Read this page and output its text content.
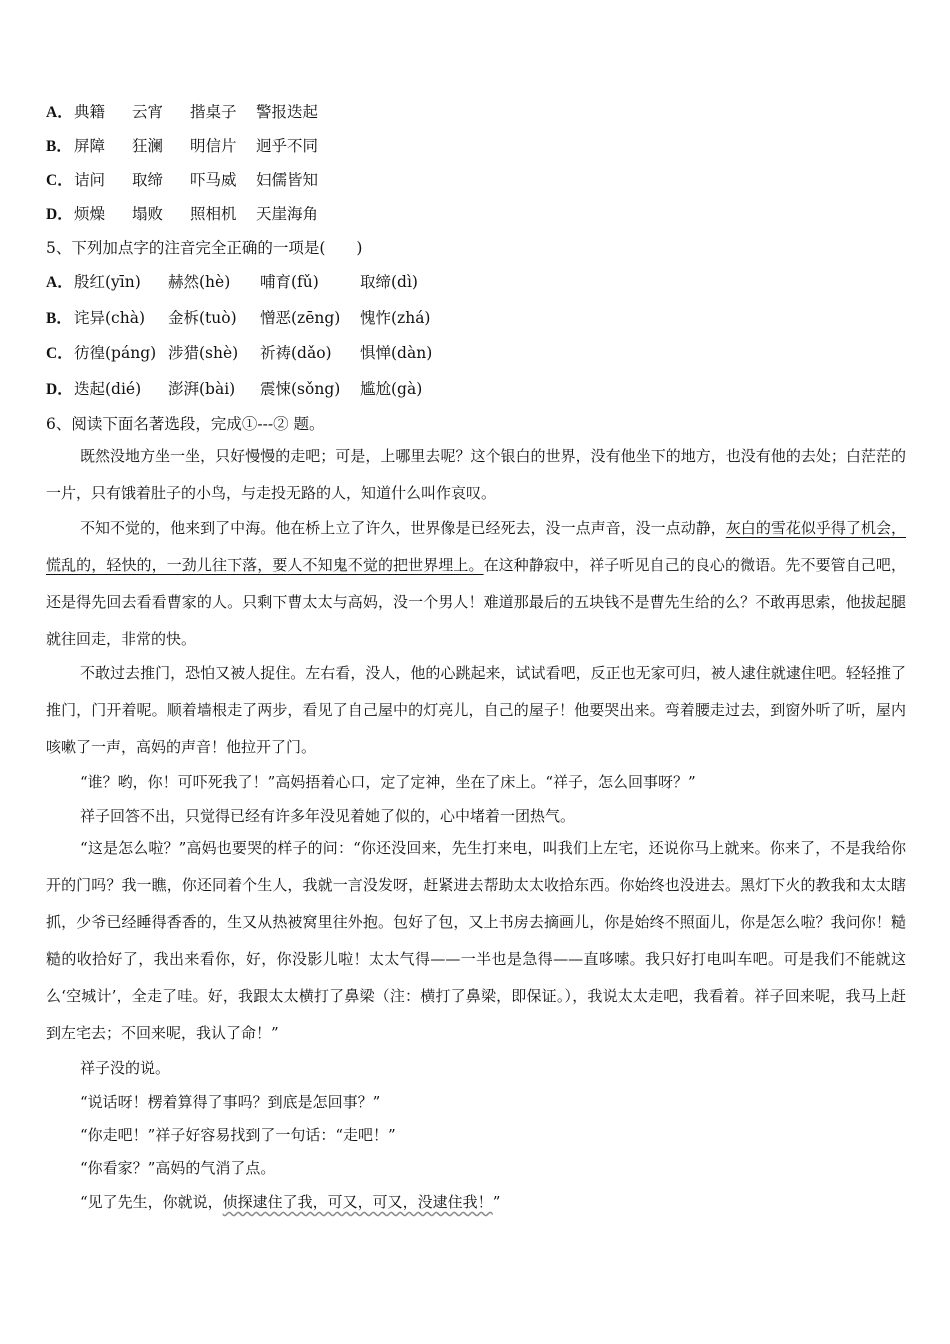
A．典籍 云宵 揩桌子 警报迭起
B． 屏障 狂澜 明信片 迥乎不同
C．诘问 取缔 吓马威 妇儒皆知
D．烦燥 塌败 照相机 天崖海角
5、下列加点字的注音完全正确的一项是(　　)
A．殷红(yīn) 赫然(hè) 哺育(fǔ)	取缔(dì)
B． 诧异(chà) 金柝(tuò) 憎恶(zēng) 愧怍(zhá)
C．彷徨(páng) 涉猎(shè) 祈祷(dǎo) 惧惮(dàn)
D．迭起(dié) 澎湃(bài) 震悚(sǒng) 尴尬(gà)
6、阅读下面名著选段，完成①---② 题。
既然没地方坐一坐，只好慢慢的走吧；可是，上哪里去呢？这个银白的世界，没有他坐下的地方，也没有他的去处；白茫茫的一片，只有饿着肚子的小鸟，与走投无路的人，知道什么叫作哀叹。
不知不觉的，他来到了中海。他在桥上立了许久，世界像是已经死去，没一点声音，没一点动静，灰白的雪花似乎得了机会，慌乱的，轻快的，一劲儿往下落，要人不知鬼不觉的把世界埋上。在这种静寂中，祥子听见自己的良心的微语。先不要管自己吧，还是得先回去看看曹家的人。只剩下曹太太与高妈，没一个男人！难道那最后的五块钱不是曹先生给的么？不敢再思索，他拔起腿就往回走，非常的快。
不敢过去推门，恐怕又被人捉住。左右看，没人，他的心跳起来，试试看吧，反正也无家可归，被人逮住就逮住吧。轻轻推了推门，门开着呢。顺着墙根走了两步，看见了自己屋中的灯亮儿，自己的屋子！他要哭出来。弯着腰走过去，到窗外听了听，屋内咳嗽了一声，高妈的声音！他拉开了门。
“谁？哟，你！可吓死我了！”高妈捂着心口，定了定神，坐在了床上。“祥子，怎么回事呀？”
祥子回答不出，只觉得已经有许多年没见着她了似的，心中堵着一团热气。
“这是怎么啦？”高妈也要哭的样子的问：“你还没回来，先生打来电，叫我们上左宅，还说你马上就来。你来了，不是我给你开的门吗？我一瞧，你还同着个生人，我就一言没发呀，赶紧进去帮助太太收拾东西。你始终也没进去。黑灯下火的教我和太太瞎抓，少爷已经睡得香香的，生又从热被窝里往外抱。包好了包，又上书房去摘画儿，你是始终不照面儿，你是怎么啦？我问你！糙糙的收拾好了，我出来看你，好，你没影儿啦！太太气得——一半也是急得——直哆嗦。我只好打电叫车吧。可是我们不能就这么‘空城计’，全走了哇。好，我跟太太横打了鼻梁（注：横打了鼻梁，即保证。），我说太太走吧，我看着。祥子回来呢，我马上赶到左宅去；不回来呢，我认了命！”
祥子没的说。
“说话呀！楞着算得了事吗？到底是怎回事？”
“你走吧！”祥子好容易找到了一句话：“走吧！”
“你看家？”高妈的气消了点。
“见了先生，你就说，侦探逮住了我，可又，可又，没逮住我！”
